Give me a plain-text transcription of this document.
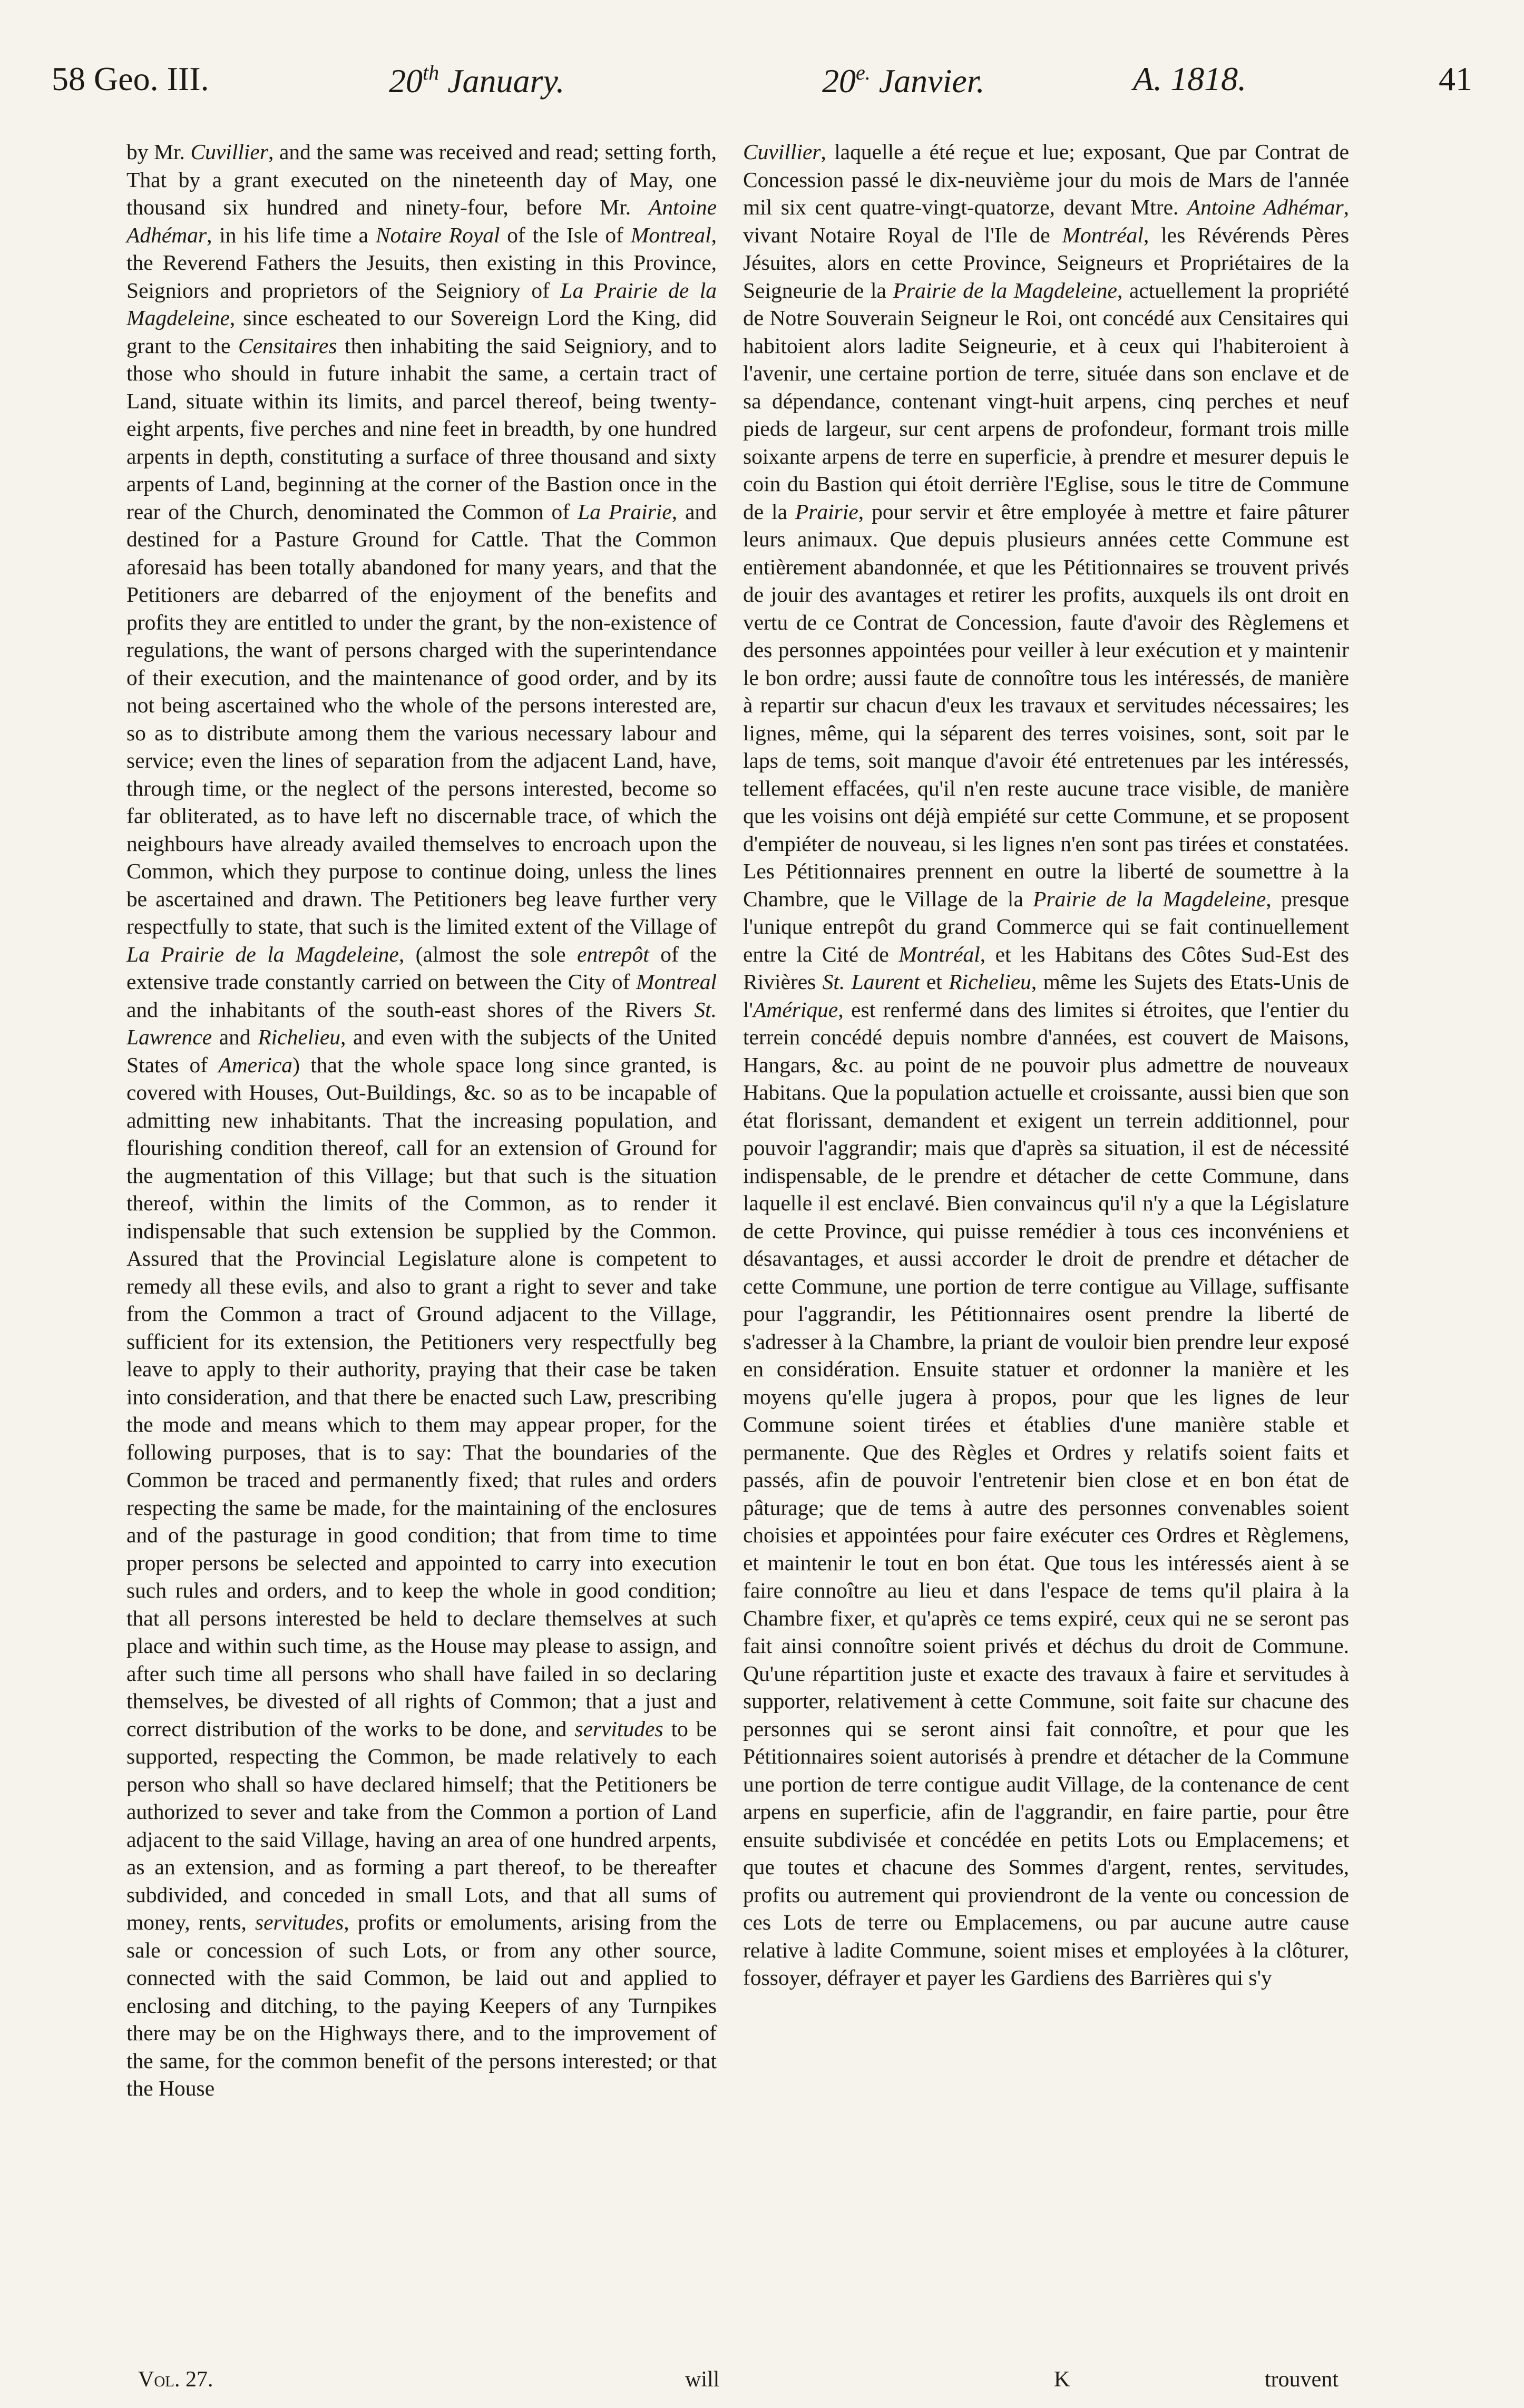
58 Geo. III.	20th January.	$20^{e.}$ Janvier.	A. 1818.	41

by Mr. Cuvillier, and the same was received and read; setting forth, That by a grant executed on the nineteenth day of May, one thousand six hundred and ninety-four, before Mr. Antoine Adhémar, in his life time a Notaire Royal of the Isle of Montreal, the Reverend Fathers the Jesuits, then existing in this Province, Seigniors and proprietors of the Seigniory of La Prairie de la Magdeleine, since escheated to our Sovereign Lord the King, did grant to the Censitaires then inhabiting the said Seigniory, and to those who should in future inhabit the same, a certain tract of Land, situate within its limits, and parcel thereof, being twenty-eight arpents, five perches and nine feet in breadth, by one hundred arpents in depth, constituting a surface of three thousand and sixty arpents of Land, beginning at the corner of the Bastion once in the rear of the Church, denominated the Common of La Prairie, and destined for a Pasture Ground for Cattle. That the Common aforesaid has been totally abandoned for many years, and that the Petitioners are debarred of the enjoyment of the benefits and profits they are entitled to under the grant, by the non-existence of regulations, the want of persons charged with the superintendance of their execution, and the maintenance of good order, and by its not being ascertained who the whole of the persons interested are, so as to distribute among them the various necessary labour and service; even the lines of separation from the adjacent Land, have, through time, or the neglect of the persons interested, become so far obliterated, as to have left no discernable trace, of which the neighbours have already availed themselves to encroach upon the Common, which they purpose to continue doing, unless the lines be ascertained and drawn. The Petitioners beg leave further very respectfully to state, that such is the limited extent of the Village of La Prairie de la Magdeleine, (almost the sole entrepôt of the extensive trade constantly carried on between the City of Montreal and the inhabitants of the south-east shores of the Rivers St. Lawrence and Richelieu, and even with the subjects of the United States of America) that the whole space long since granted, is covered with Houses, Out-Buildings, &c. so as to be incapable of admitting new inhabitants. That the increasing population, and flourishing condition thereof, call for an extension of Ground for the augmentation of this Village; but that such is the situation thereof, within the limits of the Common, as to render it indispensable that such extension be supplied by the Common. Assured that the Provincial Legislature alone is competent to remedy all these evils, and also to grant a right to sever and take from the Common a tract of Ground adjacent to the Village, sufficient for its extension, the Petitioners very respectfully beg leave to apply to their authority, praying that their case be taken into consideration, and that there be enacted such Law, prescribing the mode and means which to them may appear proper, for the following purposes, that is to say: That the boundaries of the Common be traced and permanently fixed; that rules and orders respecting the same be made, for the maintaining of the enclosures and of the pasturage in good condition; that from time to time proper persons be selected and appointed to carry into execution such rules and orders, and to keep the whole in good condition; that all persons interested be held to declare themselves at such place and within such time, as the House may please to assign, and after such time all persons who shall have failed in so declaring themselves, be divested of all rights of Common; that a just and correct distribution of the works to be done, and servitudes to be supported, respecting the Common, be made relatively to each person who shall so have declared himself; that the Petitioners be authorized to sever and take from the Common a portion of Land adjacent to the said Village, having an area of one hundred arpents, as an extension, and as forming a part thereof, to be thereafter subdivided, and conceded in small Lots, and that all sums of money, rents, servitudes, profits or emoluments, arising from the sale or concession of such Lots, or from any other source, connected with the said Common, be laid out and applied to enclosing and ditching, to the paying Keepers of any Turnpikes there may be on the Highways there, and to the improvement of the same, for the common benefit of the persons interested; or that the House

Cuvillier, laquelle a été reçue et lue; exposant, Que par Contrat de Concession passé le dix-neuvième jour du mois de Mars de l'année mil six cent quatre-vingt-quatorze, devant Mtre. Antoine Adhémar, vivant Notaire Royal de l'Ile de Montréal, les Révérends Pères Jésuites, alors en cette Province, Seigneurs et Propriétaires de la Seigneurie de la Prairie de la Magdeleine, actuellement la propriété de Notre Souverain Seigneur le Roi, ont concédé aux Censitaires qui habitoient alors ladite Seigneurie, et à ceux qui l'habiteroient à l'avenir, une certaine portion de terre, située dans son enclave et de sa dépendance, contenant vingt-huit arpens, cinq perches et neuf pieds de largeur, sur cent arpens de profondeur, formant trois mille soixante arpens de terre en superficie, à prendre et mesurer depuis le coin du Bastion qui étoit derrière l'Eglise, sous le titre de Commune de la Prairie, pour servir et être employée à mettre et faire pâturer leurs animaux. Que depuis plusieurs années cette Commune est entièrement abandonnée, et que les Pétitionnaires se trouvent privés de jouir des avantages et retirer les profits, auxquels ils ont droit en vertu de ce Contrat de Concession, faute d'avoir des Règlemens et des personnes appointées pour veiller à leur exécution et y maintenir le bon ordre; aussi faute de connoître tous les intéressés, de manière à repartir sur chacun d'eux les travaux et servitudes nécessaires; les lignes, même, qui la séparent des terres voisines, sont, soit par le laps de tems, soit manque d'avoir été entretenues par les intéressés, tellement effacées, qu'il n'en reste aucune trace visible, de manière que les voisins ont déjà empiété sur cette Commune, et se proposent d'empiéter de nouveau, si les lignes n'en sont pas tirées et constatées. Les Pétitionnaires prennent en outre la liberté de soumettre à la Chambre, que le Village de la Prairie de la Magdeleine, presque l'unique entrepôt du grand Commerce qui se fait continuellement entre la Cité de Montréal, et les Habitans des Côtes Sud-Est des Rivières St. Laurent et Richelieu, même les Sujets des Etats-Unis de l'Amérique, est renfermé dans des limites si étroites, que l'entier du terrein concédé depuis nombre d'années, est couvert de Maisons, Hangars, &c. au point de ne pouvoir plus admettre de nouveaux Habitans. Que la population actuelle et croissante, aussi bien que son état florissant, demandent et exigent un terrein additionnel, pour pouvoir l'aggrandir; mais que d'après sa situation, il est de nécessité indispensable, de le prendre et détacher de cette Commune, dans laquelle il est enclavé. Bien convaincus qu'il n'y a que la Législature de cette Province, qui puisse remédier à tous ces inconvéniens et désavantages, et aussi accorder le droit de prendre et détacher de cette Commune, une portion de terre contigue au Village, suffisante pour l'aggrandir, les Pétitionnaires osent prendre la liberté de s'adresser à la Chambre, la priant de vouloir bien prendre leur exposé en considération. Ensuite statuer et ordonner la manière et les moyens qu'elle jugera à propos, pour que les lignes de leur Commune soient tirées et établies d'une manière stable et permanente. Que des Règles et Ordres y relatifs soient faits et passés, afin de pouvoir l'entretenir bien close et en bon état de pâturage; que de tems à autre des personnes convenables soient choisies et appointées pour faire exécuter ces Ordres et Règlemens, et maintenir le tout en bon état. Que tous les intéressés aient à se faire connoître au lieu et dans l'espace de tems qu'il plaira à la Chambre fixer, et qu'après ce tems expiré, ceux qui ne se seront pas fait ainsi connoître soient privés et déchus du droit de Commune. Qu'une répartition juste et exacte des travaux à faire et servitudes à supporter, relativement à cette Commune, soit faite sur chacune des personnes qui se seront ainsi fait connoître, et pour que les Pétitionnaires soient autorisés à prendre et détacher de la Commune une portion de terre contigue audit Village, de la contenance de cent arpens en superficie, afin de l'aggrandir, en faire partie, pour être ensuite subdivisée et concédée en petits Lots ou Emplacemens; et que toutes et chacune des Sommes d'argent, rentes, servitudes, profits ou autrement qui proviendront de la vente ou concession de ces Lots de terre ou Emplacemens, ou par aucune autre cause relative à ladite Commune, soient mises et employées à la clôturer, fossoyer, défrayer et payer les Gardiens des Barrières qui s'y

Vol. 27.	will	K	trouvent
